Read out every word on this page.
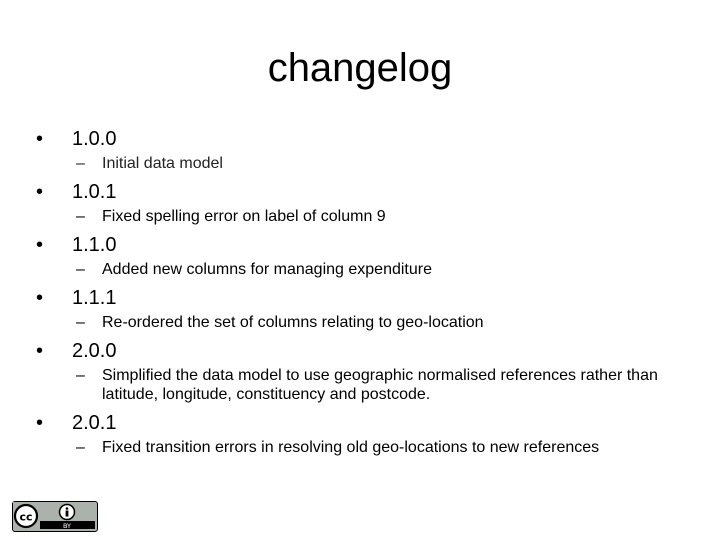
changelog
• 1.0.0
– Initial data model
• 1.0.1
– Fixed spelling error on label of column 9
• 1.1.0
– Added new columns for managing expenditure
• 1.1.1
– Re-ordered the set of columns relating to geo-location
• 2.0.0
– Simplified the data model to use geographic normalised references rather than latitude, longitude, constituency and postcode.
• 2.0.1
– Fixed transition errors in resolving old geo-locations to new references
cc
BY
